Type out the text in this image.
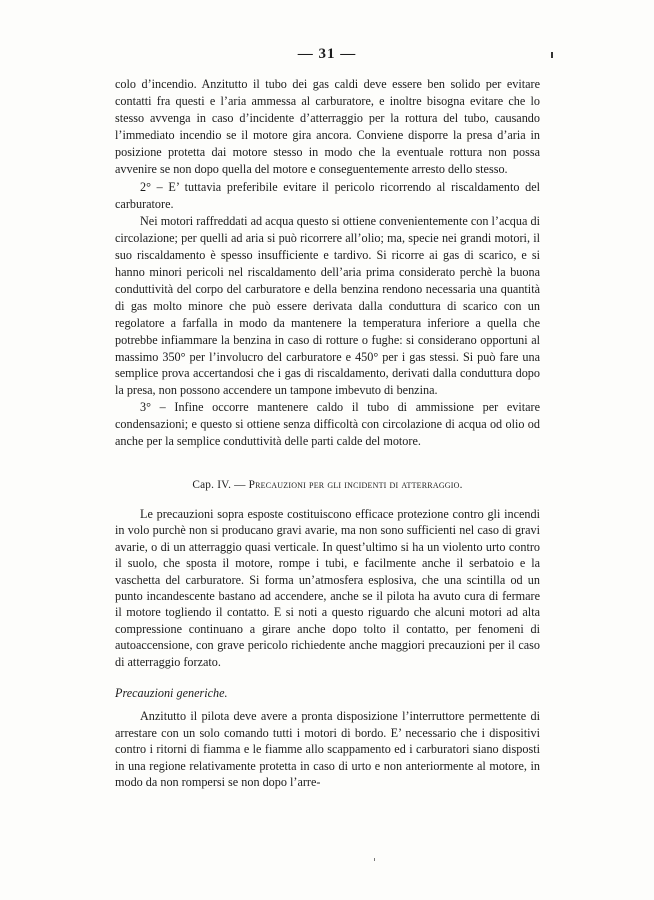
— 31 —

colo d’incendio. Anzitutto il tubo dei gas caldi deve essere ben solido per evitare contatti fra questi e l’aria ammessa al carburatore, e inoltre bisogna evitare che lo stesso avvenga in caso d’incidente d’atterraggio per la rottura del tubo, causando l’immediato incendio se il motore gira ancora. Conviene disporre la presa d’aria in posizione protetta dai motore stesso in modo che la eventuale rottura non possa avvenire se non dopo quella del motore e conseguentemente arresto dello stesso.

2° – E’ tuttavia preferibile evitare il pericolo ricorrendo al riscaldamento del carburatore.

Nei motori raffreddati ad acqua questo si ottiene convenientemente con l’acqua di circolazione; per quelli ad aria si può ricorrere all’olio; ma, specie nei grandi motori, il suo riscaldamento è spesso insufficiente e tardivo. Si ricorre ai gas di scarico, e si hanno minori pericoli nel riscaldamento dell’aria prima considerato perchè la buona conduttività del corpo del carburatore e della benzina rendono necessaria una quantità di gas molto minore che può essere derivata dalla conduttura di scarico con un regolatore a farfalla in modo da mantenere la temperatura inferiore a quella che potrebbe infiammare la benzina in caso di rotture o fughe: si considerano opportuni al massimo 350° per l’involucro del carburatore e 450° per i gas stessi. Si può fare una semplice prova accertandosi che i gas di riscaldamento, derivati dalla conduttura dopo la presa, non possono accendere un tampone imbevuto di benzina.

3° – Infine occorre mantenere caldo il tubo di ammissione per evitare condensazioni; e questo si ottiene senza difficoltà con circolazione di acqua od olio od anche per la semplice conduttività delle parti calde del motore.

Cap. IV. — Precauzioni per gli incidenti di atterraggio.

Le precauzioni sopra esposte costituiscono efficace protezione contro gli incendi in volo purchè non si producano gravi avarie, ma non sono sufficienti nel caso di gravi avarie, o di un atterraggio quasi verticale. In quest’ultimo si ha un violento urto contro il suolo, che sposta il motore, rompe i tubi, e facilmente anche il serbatoio e la vaschetta del carburatore. Si forma un’atmosfera esplosiva, che una scintilla od un punto incandescente bastano ad accendere, anche se il pilota ha avuto cura di fermare il motore togliendo il contatto. E si noti a questo riguardo che alcuni motori ad alta compressione continuano a girare anche dopo tolto il contatto, per fenomeni di autoaccensione, con grave pericolo richiedente anche maggiori precauzioni per il caso di atterraggio forzato.

Precauzioni generiche.

Anzitutto il pilota deve avere a pronta disposizione l’interruttore permettente di arrestare con un solo comando tutti i motori di bordo. E’ necessario che i dispositivi contro i ritorni di fiamma e le fiamme allo scappamento ed i carburatori siano disposti in una regione relativamente protetta in caso di urto e non anteriormente al motore, in modo da non rompersi se non dopo l’arre-
